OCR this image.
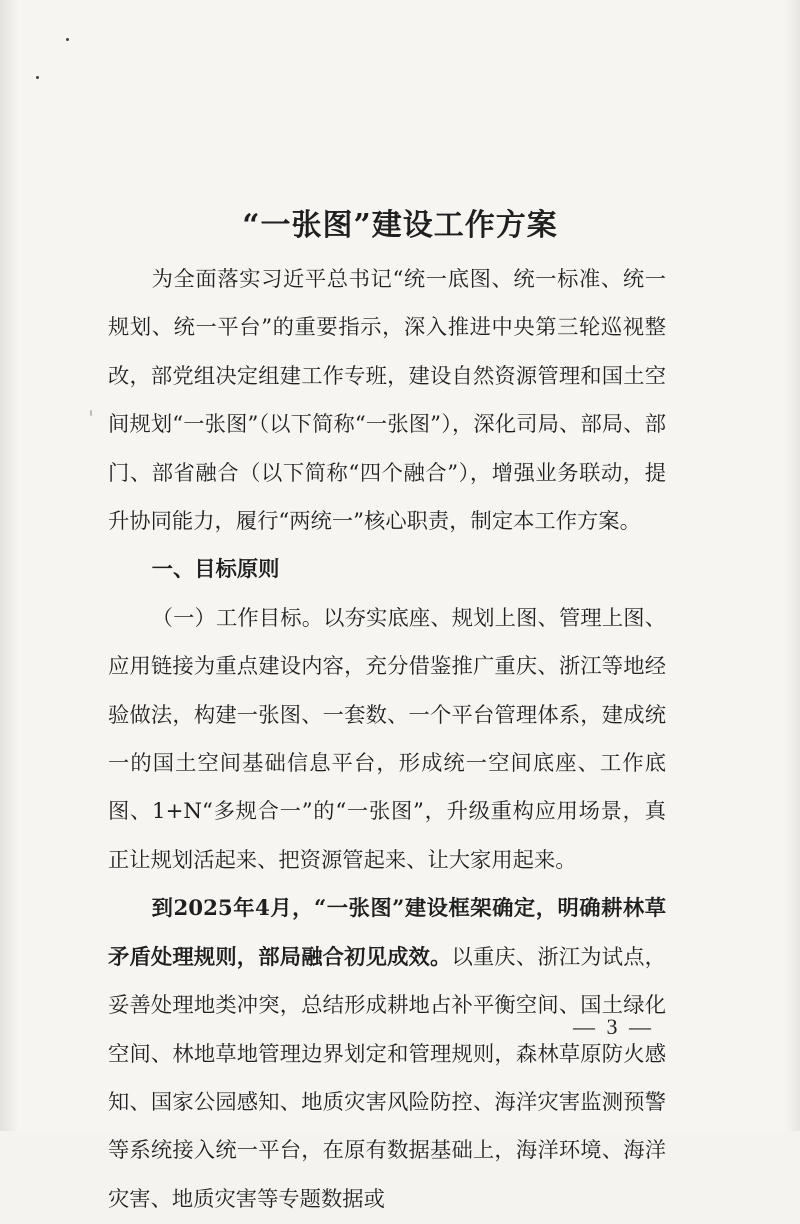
“一张图”建设工作方案

为全面落实习近平总书记“统一底图、统一标准、统一规划、统一平台”的重要指示，深入推进中央第三轮巡视整改，部党组决定组建工作专班，建设自然资源管理和国土空间规划“一张图”（以下简称“一张图”），深化司局、部局、部门、部省融合（以下简称“四个融合”），增强业务联动，提升协同能力，履行“两统一”核心职责，制定本工作方案。

一、目标原则

（一）工作目标。以夯实底座、规划上图、管理上图、应用链接为重点建设内容，充分借鉴推广重庆、浙江等地经验做法，构建一张图、一套数、一个平台管理体系，建成统一的国土空间基础信息平台，形成统一空间底座、工作底图、1+N“多规合一”的“一张图”，升级重构应用场景，真正让规划活起来、把资源管起来、让大家用起来。

到2025年4月，“一张图”建设框架确定，明确耕林草矛盾处理规则，部局融合初见成效。以重庆、浙江为试点，妥善处理地类冲突，总结形成耕地占补平衡空间、国土绿化空间、林地草地管理边界划定和管理规则，森林草原防火感知、国家公园感知、地质灾害风险防控、海洋灾害监测预警等系统接入统一平台，在原有数据基础上，海洋环境、海洋灾害、地质灾害等专题数据或

— 3 —
